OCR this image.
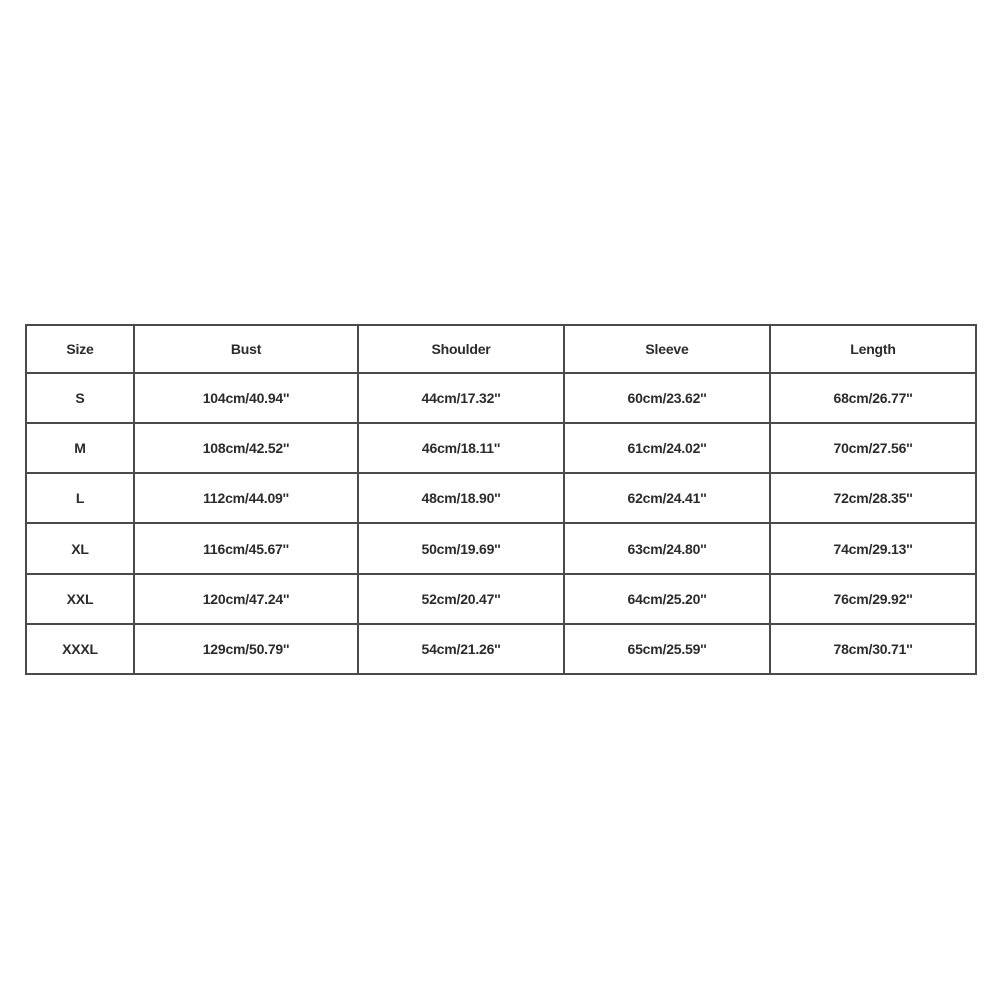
Size	Bust	Shoulder	Sleeve	Length
S	104cm/40.94''	44cm/17.32''	60cm/23.62''	68cm/26.77''
M	108cm/42.52''	46cm/18.11''	61cm/24.02''	70cm/27.56''
L	112cm/44.09''	48cm/18.90''	62cm/24.41''	72cm/28.35''
XL	116cm/45.67''	50cm/19.69''	63cm/24.80''	74cm/29.13''
XXL	120cm/47.24''	52cm/20.47''	64cm/25.20''	76cm/29.92''
XXXL	129cm/50.79''	54cm/21.26''	65cm/25.59''	78cm/30.71''
